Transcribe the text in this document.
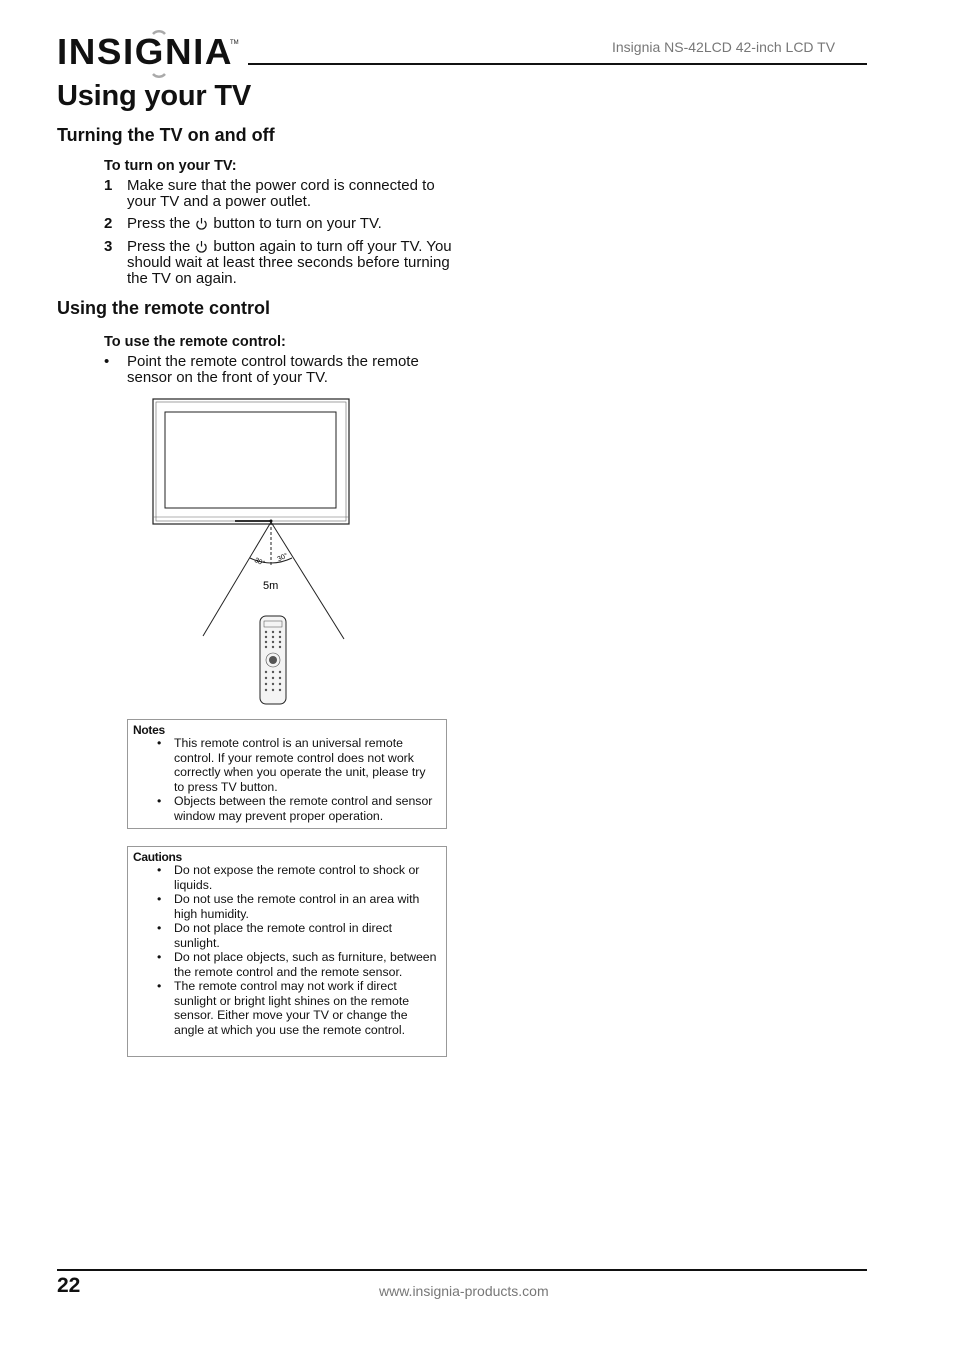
INSIGNIA
TM	Insignia NS-42LCD 42-inch LCD TV
Using your TV
Turning the TV on and off
To turn on your TV:
1 Make sure that the power cord is connected to your TV and a power outlet.
2 Press the button to turn on your TV.
3 Press the button again to turn off your TV. You should wait at least three seconds before turning the TV on again.
Using the remote control
To use the remote control:
• Point the remote control towards the remote sensor on the front of your TV.
30° 30°
5m
Notes
• This remote control is an universal remote control. If your remote control does not work correctly when you operate the unit, please try to press TV button.
• Objects between the remote control and sensor window may prevent proper operation.
Cautions
• Do not expose the remote control to shock or liquids.
• Do not use the remote control in an area with high humidity.
• Do not place the remote control in direct sunlight.
• Do not place objects, such as furniture, between the remote control and the remote sensor.
• The remote control may not work if direct sunlight or bright light shines on the remote sensor. Either move your TV or change the angle at which you use the remote control.
22	www.insignia-products.com
